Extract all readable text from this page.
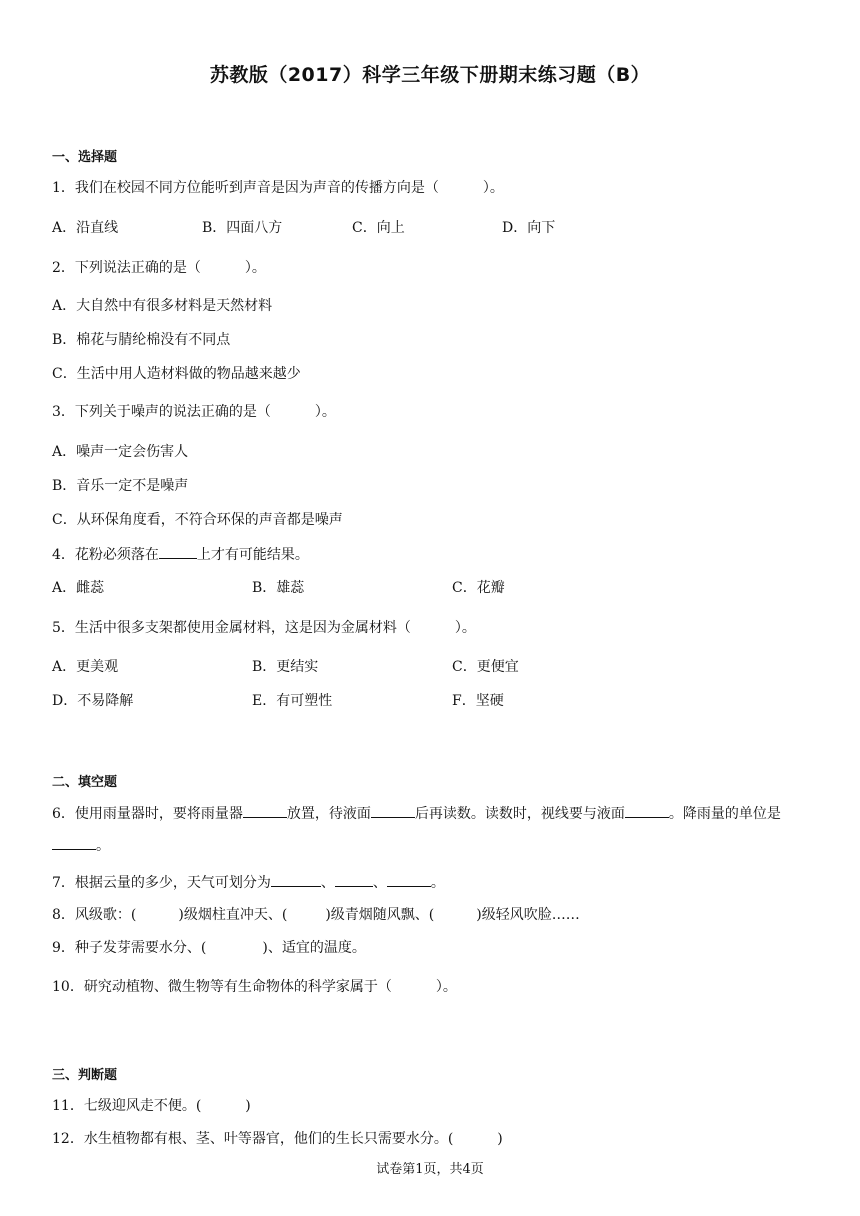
苏教版（2017）科学三年级下册期末练习题（B）
一、选择题
1．我们在校园不同方位能听到声音是因为声音的传播方向是（	）。
A．沿直线	B．四面八方	C．向上	D．向下
2．下列说法正确的是（	）。
A．大自然中有很多材料是天然材料
B．棉花与腈纶棉没有不同点
C．生活中用人造材料做的物品越来越少
3．下列关于噪声的说法正确的是（	）。
A．噪声一定会伤害人
B．音乐一定不是噪声
C．从环保角度看，不符合环保的声音都是噪声
4．花粉必须落在	上才有可能结果。
A．雌蕊	B．雄蕊	C．花瓣
5．生活中很多支架都使用金属材料，这是因为金属材料（	）。
A．更美观	B．更结实	C．更便宜
D．不易降解	E．有可塑性	F．坚硬
二、填空题
6．使用雨量器时，要将雨量器	放置，待液面	后再读数。读数时，视线要与液面	。降雨量的单位是。
7．根据云量的多少，天气可划分为	、	、	。
8．风级歌：(	)级烟柱直冲天、(	)级青烟随风飘、(	)级轻风吹脸……
9．种子发芽需要水分、(	)、适宜的温度。
10．研究动植物、微生物等有生命物体的科学家属于（	）。
三、判断题
11．七级迎风走不便。(	)
12．水生植物都有根、茎、叶等器官，他们的生长只需要水分。(	)
试卷第1页，共4页
